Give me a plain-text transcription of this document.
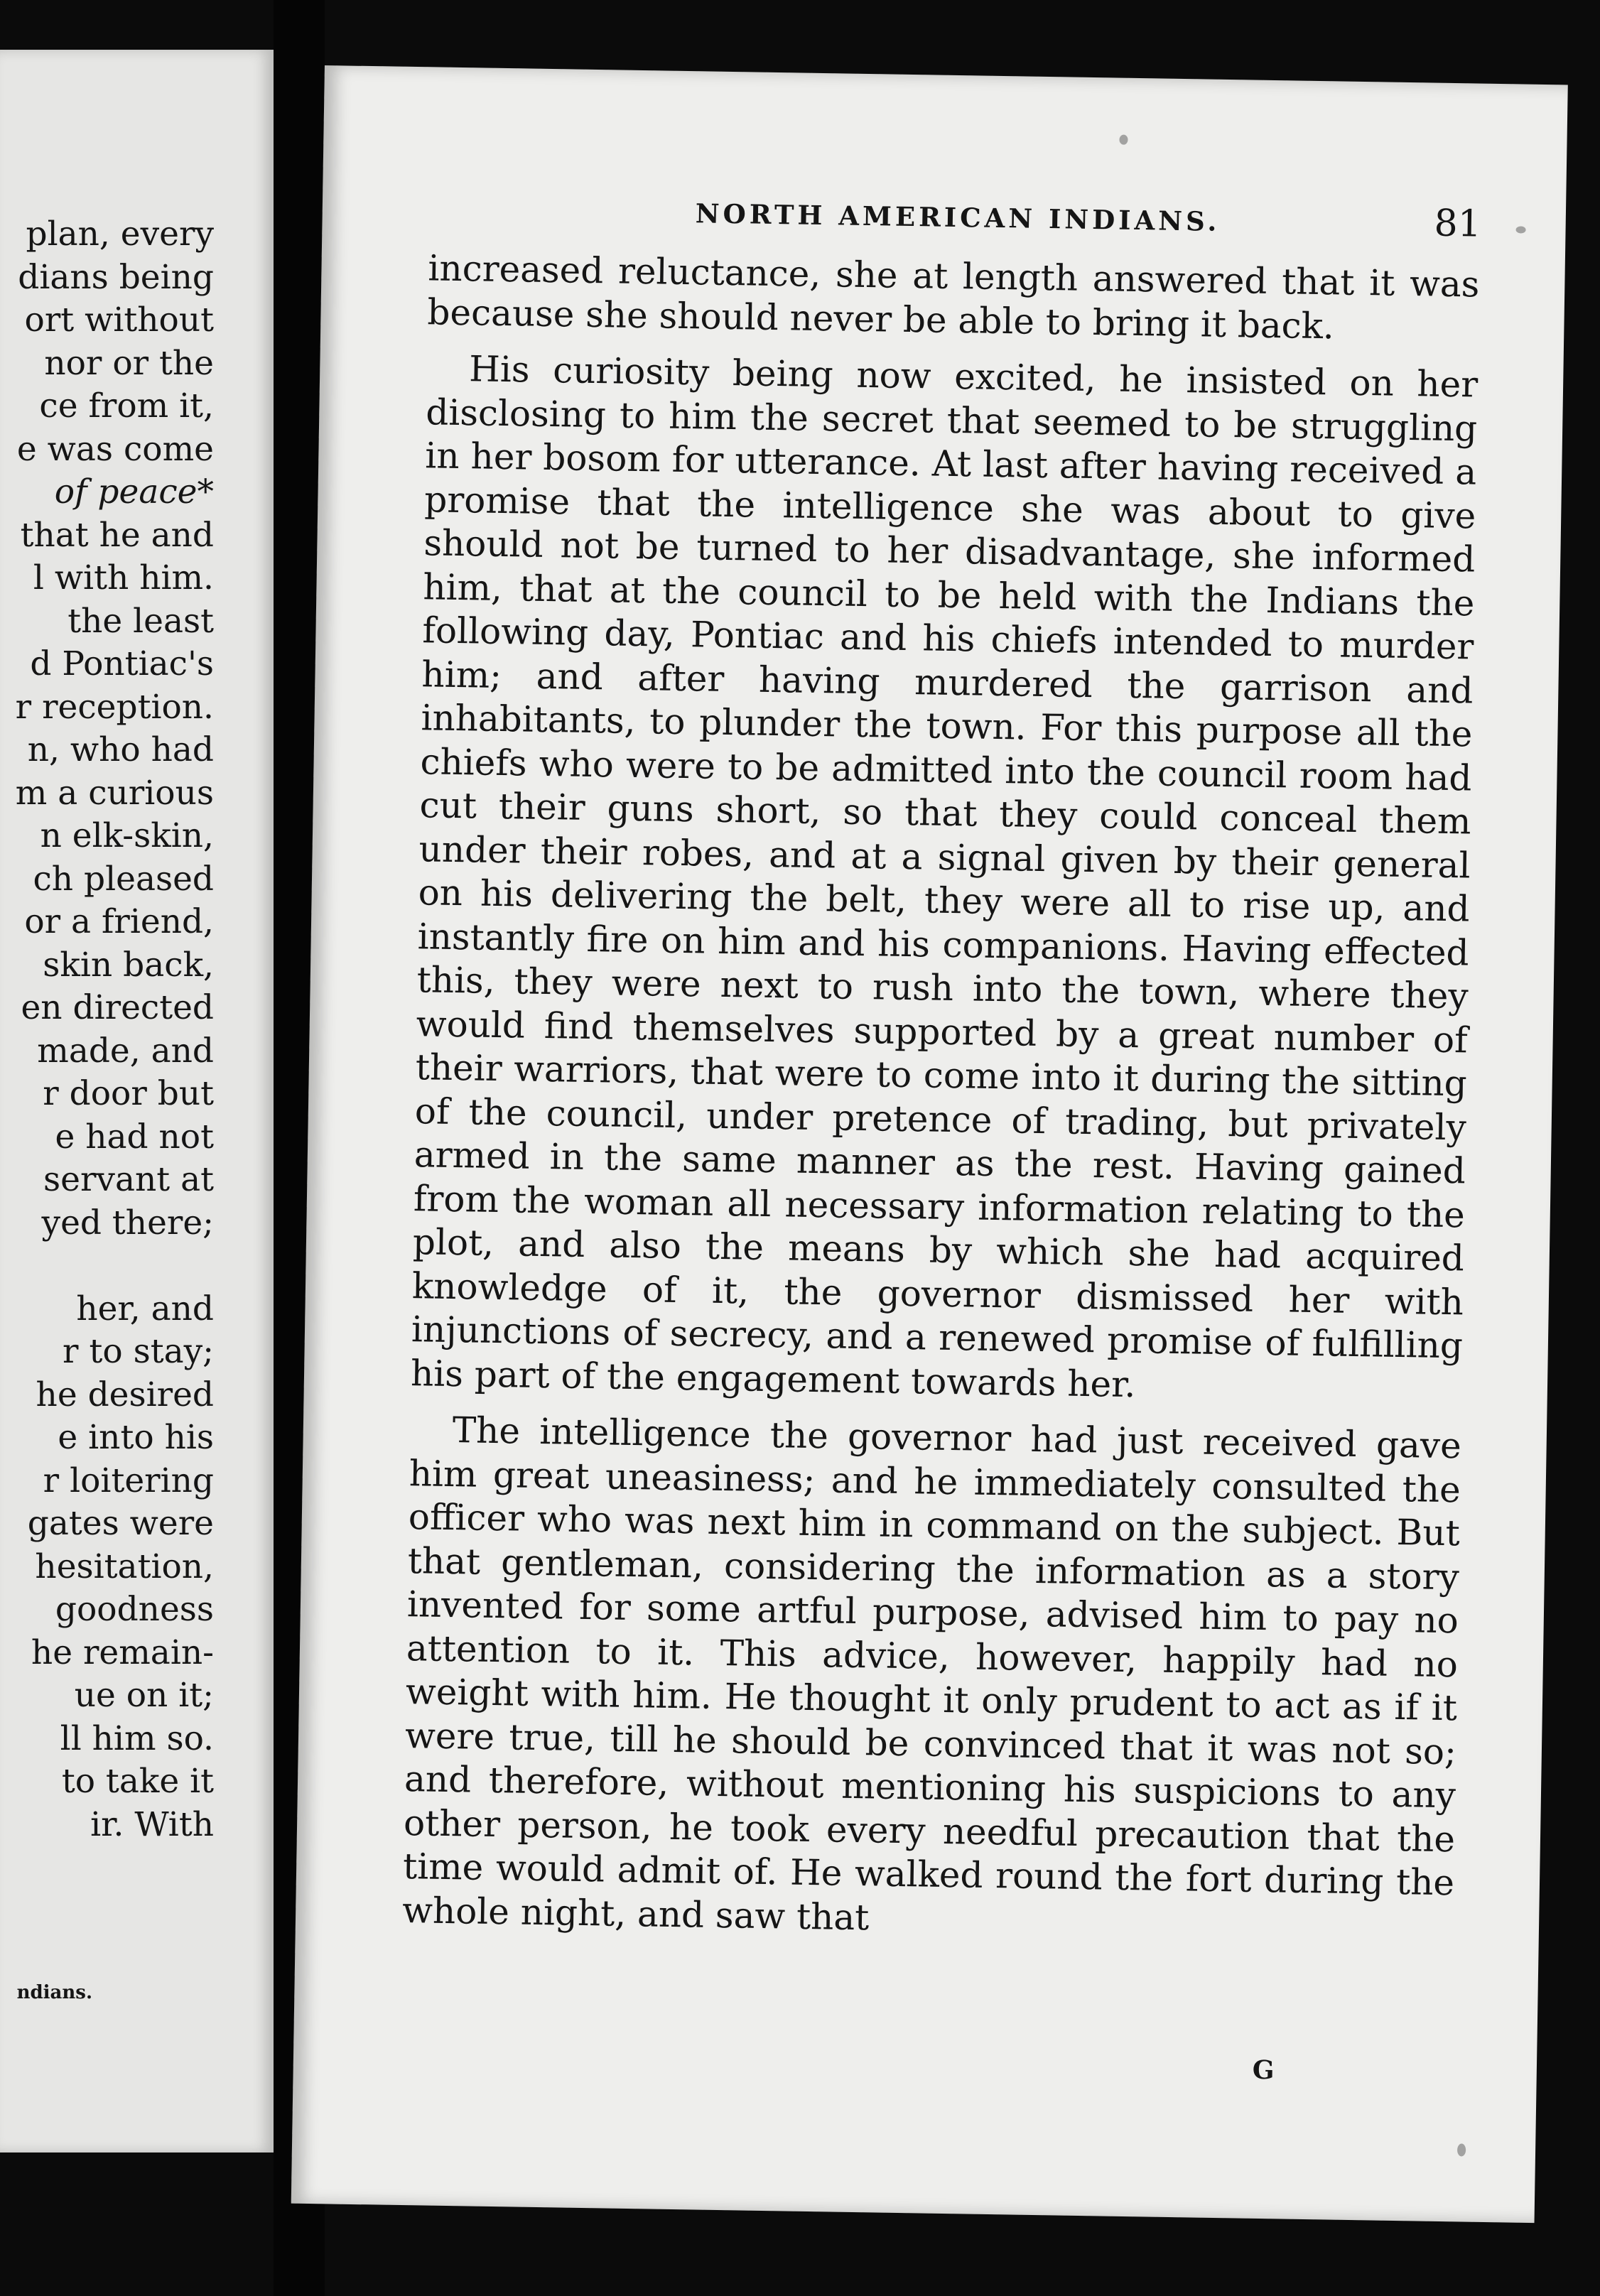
plan, every
dians being
ort without
nor or the
ce from it,
e was come
of peace*
that he and
l with him.
the least
d Pontiac's
r reception.
n, who had
m a curious
n elk-skin,
ch pleased
or a friend,
skin back,
en directed
made, and
r door but
e had not
servant at
yed there;
her, and
r to stay;
he desired
e into his
r loitering
gates were
hesitation,
goodness
he remain-
ue on it;
ll him so.
to take it
ir. With
ndians.
NORTH AMERICAN INDIANS.	81

increased reluctance, she at length answered that it was because she should never be able to bring it back.

His curiosity being now excited, he insisted on her disclosing to him the secret that seemed to be struggling in her bosom for utterance. At last after having received a promise that the intelligence she was about to give should not be turned to her disadvantage, she informed him, that at the council to be held with the Indians the following day, Pontiac and his chiefs intended to murder him; and after having murdered the garrison and inhabitants, to plunder the town. For this purpose all the chiefs who were to be admitted into the council room had cut their guns short, so that they could conceal them under their robes, and at a signal given by their general on his delivering the belt, they were all to rise up, and instantly fire on him and his companions. Having effected this, they were next to rush into the town, where they would find themselves supported by a great number of their warriors, that were to come into it during the sitting of the council, under pretence of trading, but privately armed in the same manner as the rest. Having gained from the woman all necessary information relating to the plot, and also the means by which she had acquired knowledge of it, the governor dismissed her with injunctions of secrecy, and a renewed promise of fulfilling his part of the engagement towards her.

The intelligence the governor had just received gave him great uneasiness; and he immediately consulted the officer who was next him in command on the subject. But that gentleman, considering the information as a story invented for some artful purpose, advised him to pay no attention to it. This advice, however, happily had no weight with him. He thought it only prudent to act as if it were true, till he should be convinced that it was not so; and therefore, without mentioning his suspicions to any other person, he took every needful precaution that the time would admit of. He walked round the fort during the whole night, and saw that

G
